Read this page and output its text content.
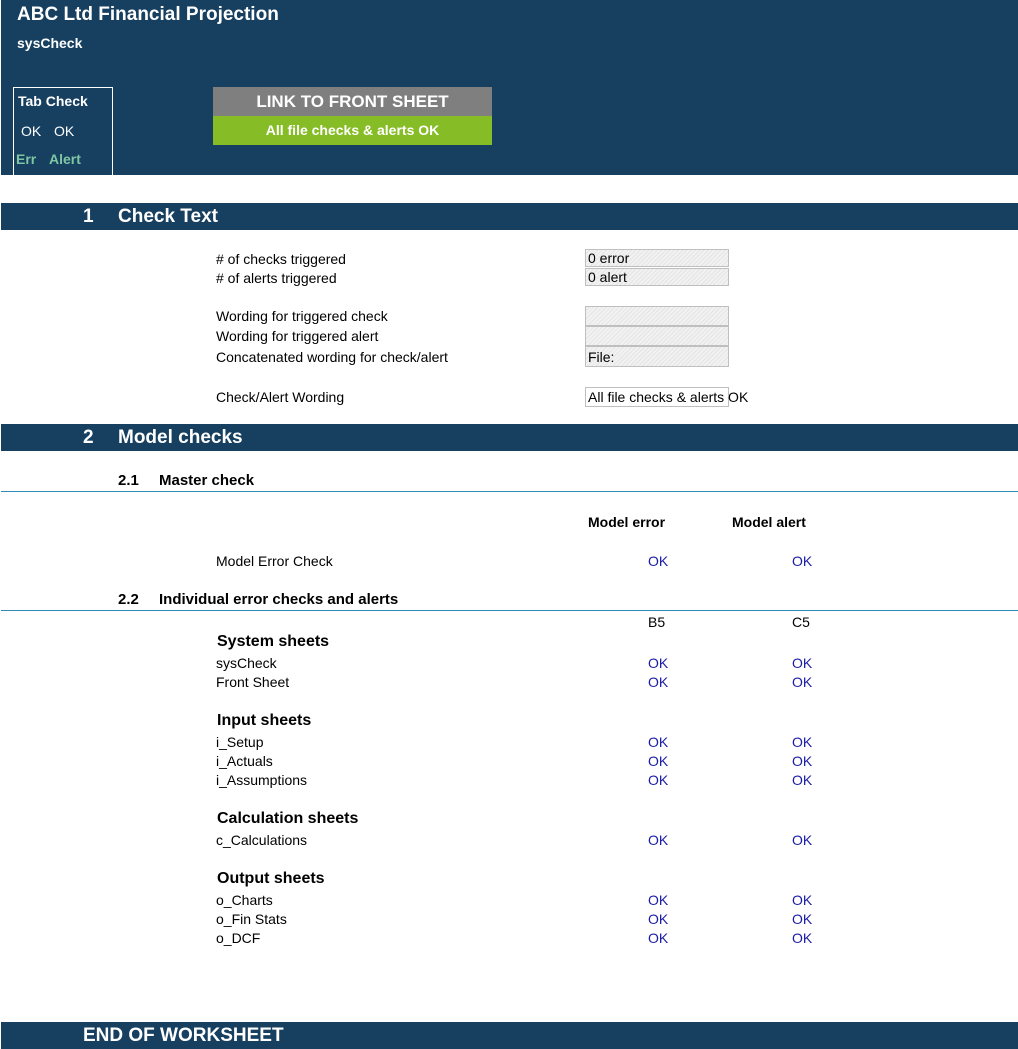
ABC Ltd Financial Projection
sysCheck
Tab Check
OK OK
Err Alert
LINK TO FRONT SHEET
All file checks & alerts OK
1 Check Text
# of checks triggered	0 error
# of alerts triggered	0 alert
Wording for triggered check
Wording for triggered alert
Concatenated wording for check/alert	File:
Check/Alert Wording	All file checks & alerts OK
2 Model checks
2.1 Master check
Model error	Model alert
Model Error Check	OK	OK
2.2 Individual error checks and alerts
B5	C5
System sheets
sysCheck	OK	OK
Front Sheet	OK	OK
Input sheets
i_Setup	OK	OK
i_Actuals	OK	OK
i_Assumptions	OK	OK
Calculation sheets
c_Calculations	OK	OK
Output sheets
o_Charts	OK	OK
o_Fin Stats	OK	OK
o_DCF	OK	OK
END OF WORKSHEET
